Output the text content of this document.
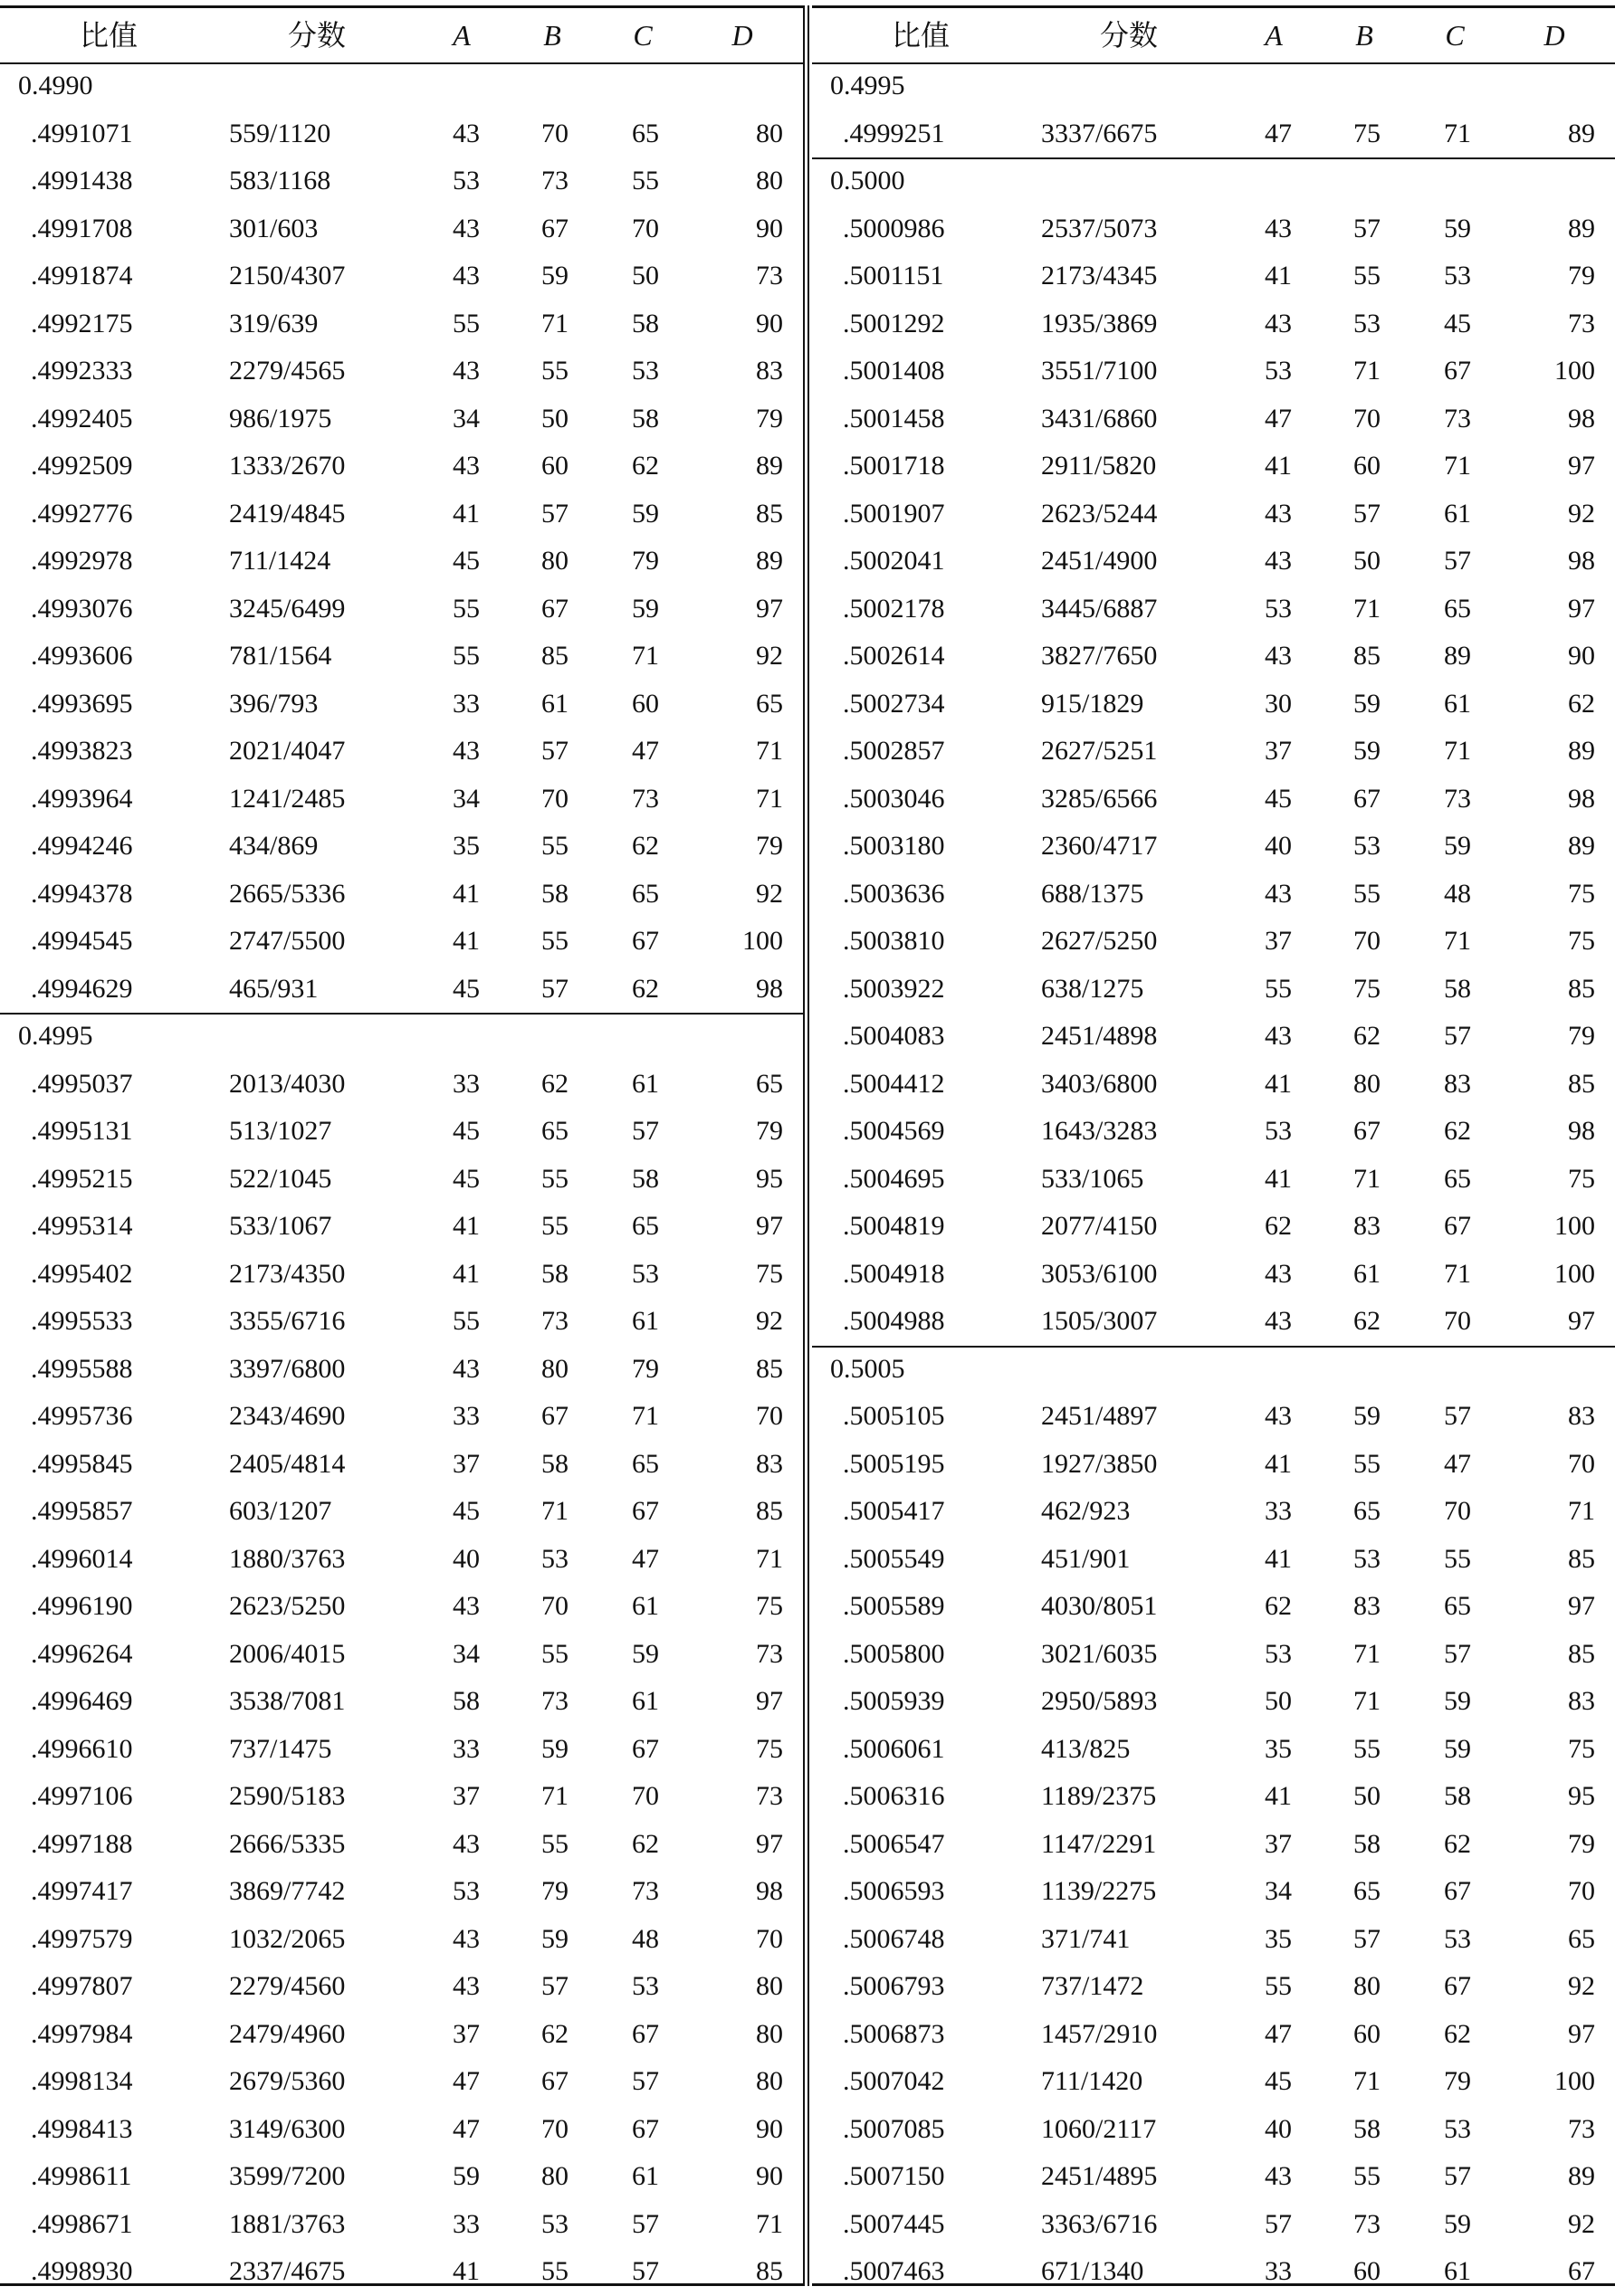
比值	分数	A	B	C	D
0.4990
.4991071	559/1120	43	70	65	80
.4991438	583/1168	53	73	55	80
.4991708	301/603	43	67	70	90
.4991874	2150/4307	43	59	50	73
.4992175	319/639	55	71	58	90
.4992333	2279/4565	43	55	53	83
.4992405	986/1975	34	50	58	79
.4992509	1333/2670	43	60	62	89
.4992776	2419/4845	41	57	59	85
.4992978	711/1424	45	80	79	89
.4993076	3245/6499	55	67	59	97
.4993606	781/1564	55	85	71	92
.4993695	396/793	33	61	60	65
.4993823	2021/4047	43	57	47	71
.4993964	1241/2485	34	70	73	71
.4994246	434/869	35	55	62	79
.4994378	2665/5336	41	58	65	92
.4994545	2747/5500	41	55	67	100
.4994629	465/931	45	57	62	98
0.4995
.4995037	2013/4030	33	62	61	65
.4995131	513/1027	45	65	57	79
.4995215	522/1045	45	55	58	95
.4995314	533/1067	41	55	65	97
.4995402	2173/4350	41	58	53	75
.4995533	3355/6716	55	73	61	92
.4995588	3397/6800	43	80	79	85
.4995736	2343/4690	33	67	71	70
.4995845	2405/4814	37	58	65	83
.4995857	603/1207	45	71	67	85
.4996014	1880/3763	40	53	47	71
.4996190	2623/5250	43	70	61	75
.4996264	2006/4015	34	55	59	73
.4996469	3538/7081	58	73	61	97
.4996610	737/1475	33	59	67	75
.4997106	2590/5183	37	71	70	73
.4997188	2666/5335	43	55	62	97
.4997417	3869/7742	53	79	73	98
.4997579	1032/2065	43	59	48	70
.4997807	2279/4560	43	57	53	80
.4997984	2479/4960	37	62	67	80
.4998134	2679/5360	47	67	57	80
.4998413	3149/6300	47	70	67	90
.4998611	3599/7200	59	80	61	90
.4998671	1881/3763	33	53	57	71
.4998930	2337/4675	41	55	57	85
比值	分数	A	B	C	D
0.4995
.4999251	3337/6675	47	75	71	89
0.5000
.5000986	2537/5073	43	57	59	89
.5001151	2173/4345	41	55	53	79
.5001292	1935/3869	43	53	45	73
.5001408	3551/7100	53	71	67	100
.5001458	3431/6860	47	70	73	98
.5001718	2911/5820	41	60	71	97
.5001907	2623/5244	43	57	61	92
.5002041	2451/4900	43	50	57	98
.5002178	3445/6887	53	71	65	97
.5002614	3827/7650	43	85	89	90
.5002734	915/1829	30	59	61	62
.5002857	2627/5251	37	59	71	89
.5003046	3285/6566	45	67	73	98
.5003180	2360/4717	40	53	59	89
.5003636	688/1375	43	55	48	75
.5003810	2627/5250	37	70	71	75
.5003922	638/1275	55	75	58	85
.5004083	2451/4898	43	62	57	79
.5004412	3403/6800	41	80	83	85
.5004569	1643/3283	53	67	62	98
.5004695	533/1065	41	71	65	75
.5004819	2077/4150	62	83	67	100
.5004918	3053/6100	43	61	71	100
.5004988	1505/3007	43	62	70	97
0.5005
.5005105	2451/4897	43	59	57	83
.5005195	1927/3850	41	55	47	70
.5005417	462/923	33	65	70	71
.5005549	451/901	41	53	55	85
.5005589	4030/8051	62	83	65	97
.5005800	3021/6035	53	71	57	85
.5005939	2950/5893	50	71	59	83
.5006061	413/825	35	55	59	75
.5006316	1189/2375	41	50	58	95
.5006547	1147/2291	37	58	62	79
.5006593	1139/2275	34	65	67	70
.5006748	371/741	35	57	53	65
.5006793	737/1472	55	80	67	92
.5006873	1457/2910	47	60	62	97
.5007042	711/1420	45	71	79	100
.5007085	1060/2117	40	58	53	73
.5007150	2451/4895	43	55	57	89
.5007445	3363/6716	57	73	59	92
.5007463	671/1340	33	60	61	67
